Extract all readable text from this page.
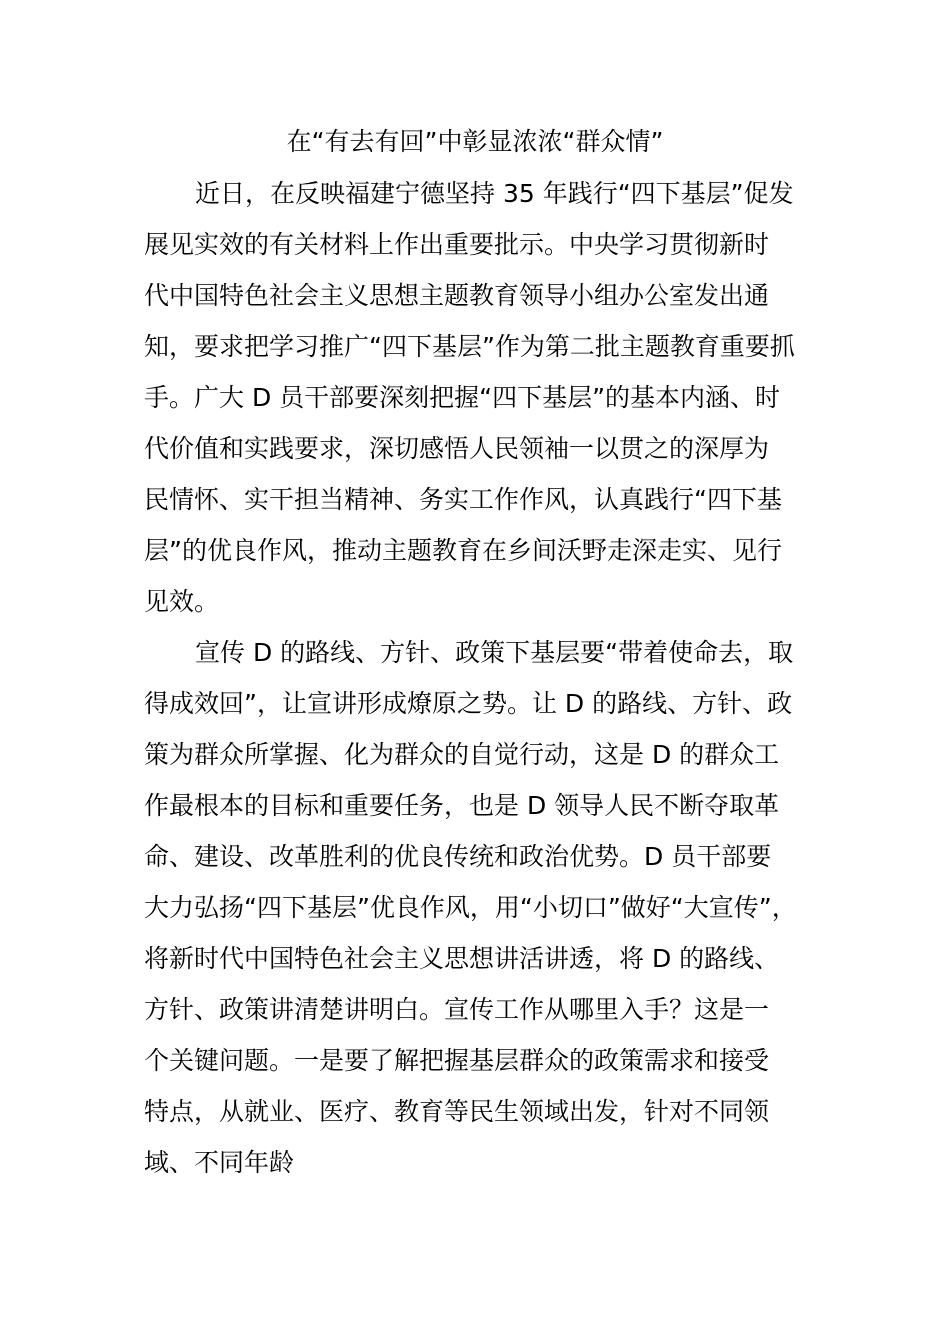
在“有去有回”中彰显浓浓“群众情”
近日，在反映福建宁德坚持 35 年践行“四下基层”促发
展见实效的有关材料上作出重要批示。中央学习贯彻新时
代中国特色社会主义思想主题教育领导小组办公室发出通
知，要求把学习推广“四下基层”作为第二批主题教育重要抓
手。广大 D 员干部要深刻把握“四下基层”的基本内涵、时
代价值和实践要求，深切感悟人民领袖一以贯之的深厚为
民情怀、实干担当精神、务实工作作风，认真践行“四下基
层”的优良作风，推动主题教育在乡间沃野走深走实、见行
见效。
宣传 D 的路线、方针、政策下基层要“带着使命去，取
得成效回”，让宣讲形成燎原之势。让 D 的路线、方针、政
策为群众所掌握、化为群众的自觉行动，这是 D 的群众工
作最根本的目标和重要任务，也是 D 领导人民不断夺取革
命、建设、改革胜利的优良传统和政治优势。D 员干部要
大力弘扬“四下基层”优良作风，用“小切口”做好“大宣传”，
将新时代中国特色社会主义思想讲活讲透，将 D 的路线、
方针、政策讲清楚讲明白。宣传工作从哪里入手？这是一
个关键问题。一是要了解把握基层群众的政策需求和接受
特点，从就业、医疗、教育等民生领域出发，针对不同领
域、不同年龄
